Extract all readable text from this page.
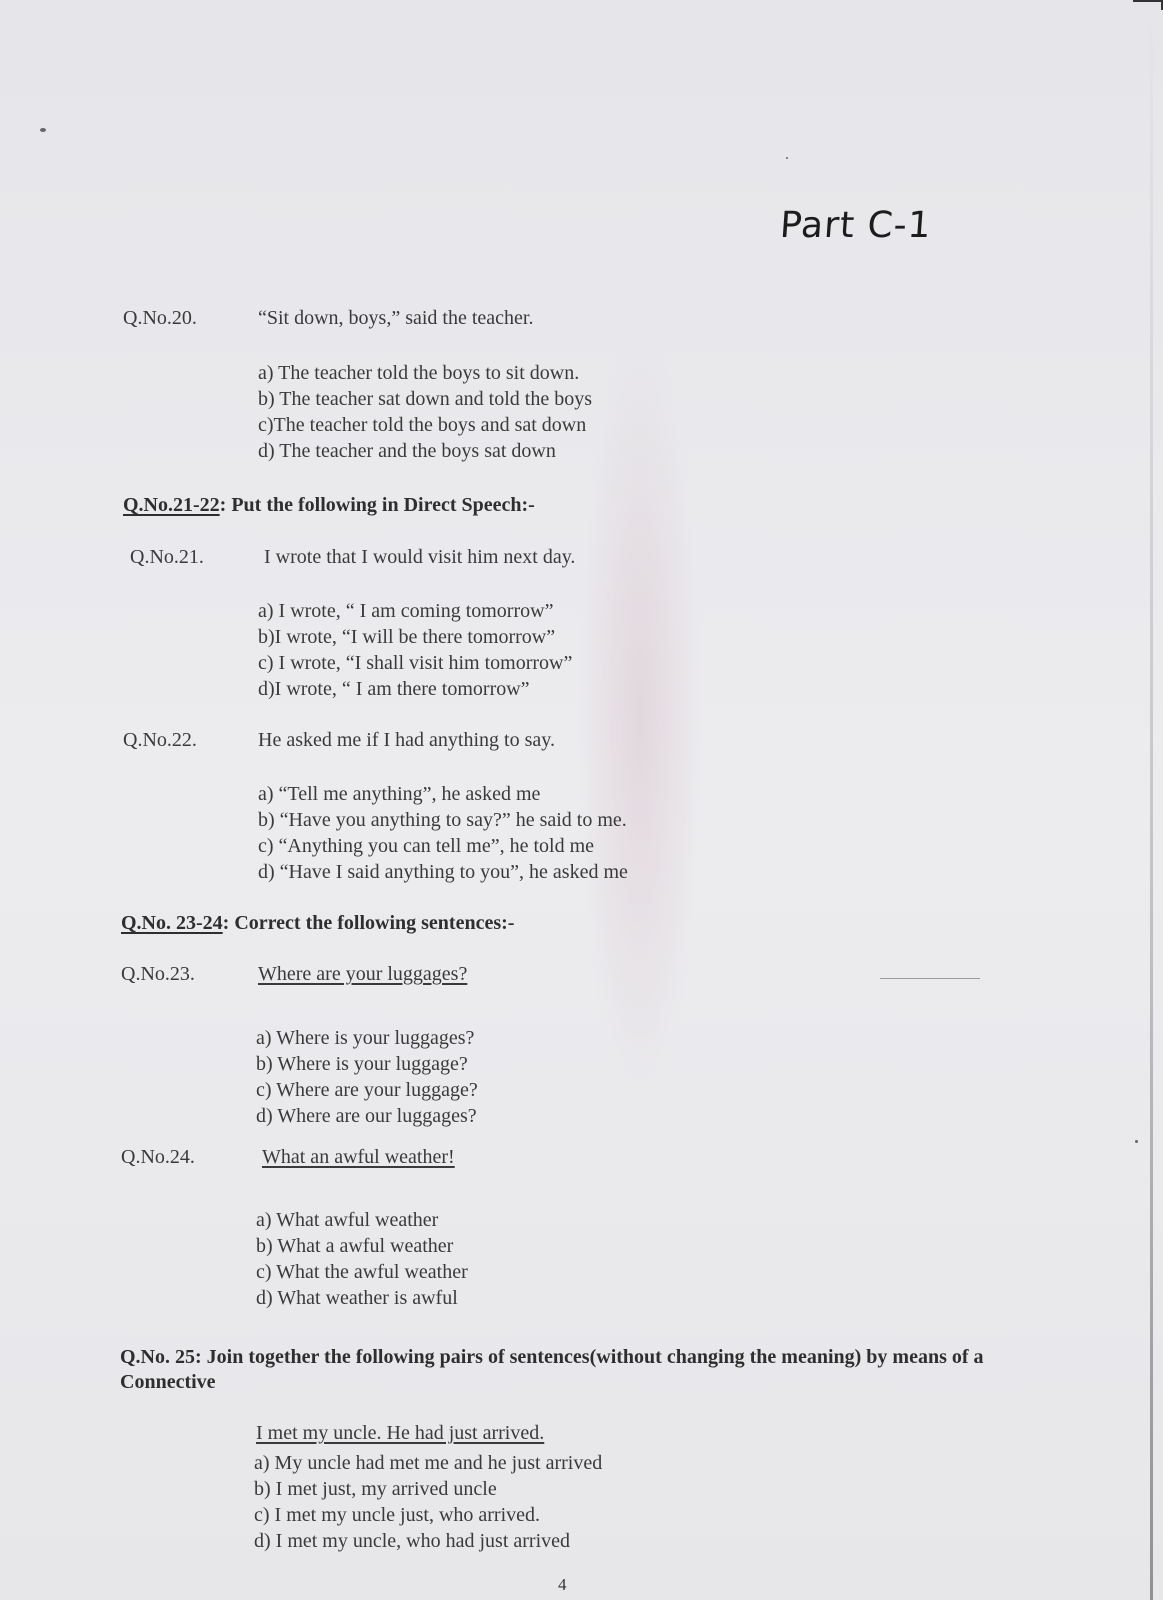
Part C-1
Q.No.20.	“Sit down, boys,” said the teacher.
a) The teacher told the boys to sit down.
b) The teacher sat down and told the boys
c)The teacher told the boys and sat down
d) The teacher and the boys sat down
Q.No.21-22: Put the following in Direct Speech:-
Q.No.21.	I wrote that I would visit him next day.
a) I wrote, “ I am coming tomorrow”
b)I wrote, “I will be there tomorrow”
c) I wrote, “I shall visit him tomorrow”
d)I wrote, “ I am there tomorrow”
Q.No.22.	He asked me if I had anything to say.
a) “Tell me anything”, he asked me
b) “Have you anything to say?” he said to me.
c) “Anything you can tell me”, he told me
d) “Have I said anything to you”, he asked me
Q.No. 23-24: Correct the following sentences:-
Q.No.23.	Where are your luggages?
a) Where is your luggages?
b) Where is your luggage?
c) Where are your luggage?
d) Where are our luggages?
Q.No.24.	What an awful weather!
a) What awful weather
b) What a awful weather
c) What the awful weather
d) What weather is awful
Q.No. 25: Join together the following pairs of sentences(without changing the meaning) by means of a Connective
I met my uncle. He had just arrived.
a) My uncle had met me and he just arrived
b) I met just, my arrived uncle
c) I met my uncle just, who arrived.
d) I met my uncle, who had just arrived
4
